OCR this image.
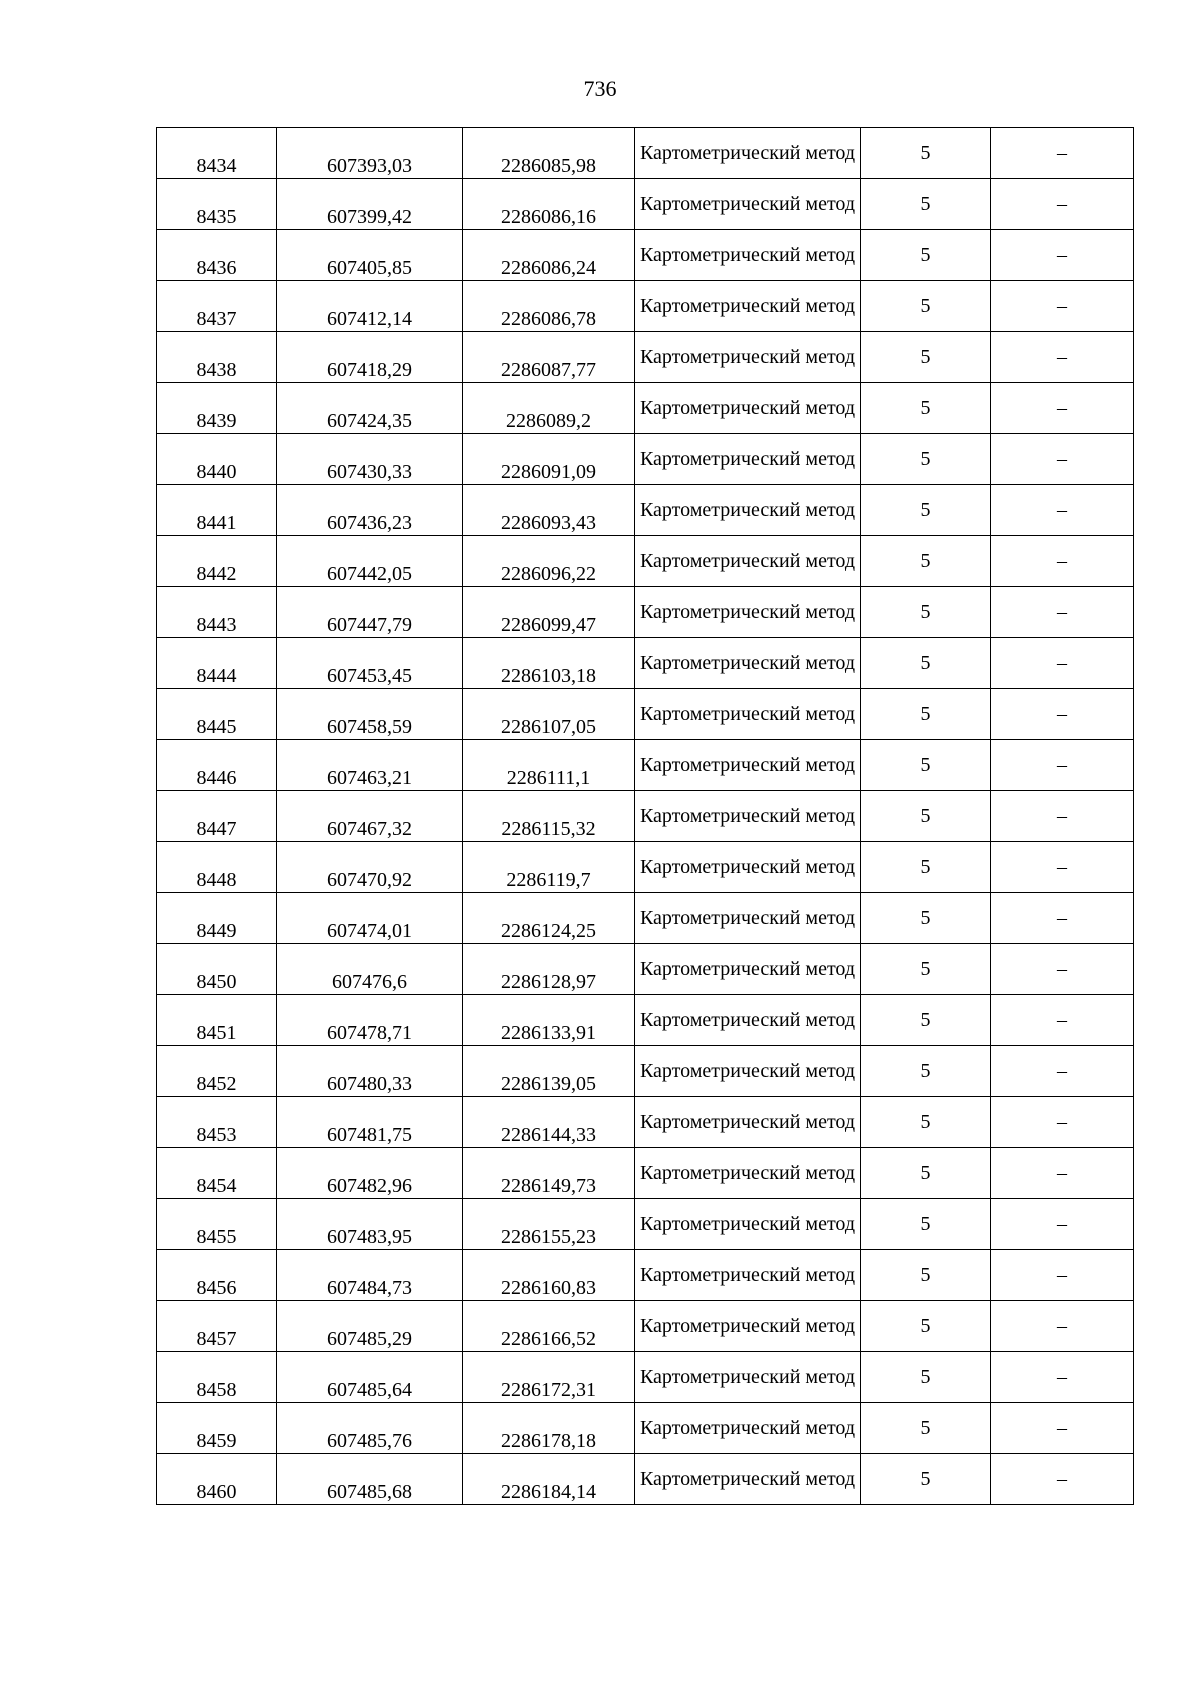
736
8434	607393,03	2286085,98	Картометрический метод	5	–
8435	607399,42	2286086,16	Картометрический метод	5	–
8436	607405,85	2286086,24	Картометрический метод	5	–
8437	607412,14	2286086,78	Картометрический метод	5	–
8438	607418,29	2286087,77	Картометрический метод	5	–
8439	607424,35	2286089,2	Картометрический метод	5	–
8440	607430,33	2286091,09	Картометрический метод	5	–
8441	607436,23	2286093,43	Картометрический метод	5	–
8442	607442,05	2286096,22	Картометрический метод	5	–
8443	607447,79	2286099,47	Картометрический метод	5	–
8444	607453,45	2286103,18	Картометрический метод	5	–
8445	607458,59	2286107,05	Картометрический метод	5	–
8446	607463,21	2286111,1	Картометрический метод	5	–
8447	607467,32	2286115,32	Картометрический метод	5	–
8448	607470,92	2286119,7	Картометрический метод	5	–
8449	607474,01	2286124,25	Картометрический метод	5	–
8450	607476,6	2286128,97	Картометрический метод	5	–
8451	607478,71	2286133,91	Картометрический метод	5	–
8452	607480,33	2286139,05	Картометрический метод	5	–
8453	607481,75	2286144,33	Картометрический метод	5	–
8454	607482,96	2286149,73	Картометрический метод	5	–
8455	607483,95	2286155,23	Картометрический метод	5	–
8456	607484,73	2286160,83	Картометрический метод	5	–
8457	607485,29	2286166,52	Картометрический метод	5	–
8458	607485,64	2286172,31	Картометрический метод	5	–
8459	607485,76	2286178,18	Картометрический метод	5	–
8460	607485,68	2286184,14	Картометрический метод	5	–
